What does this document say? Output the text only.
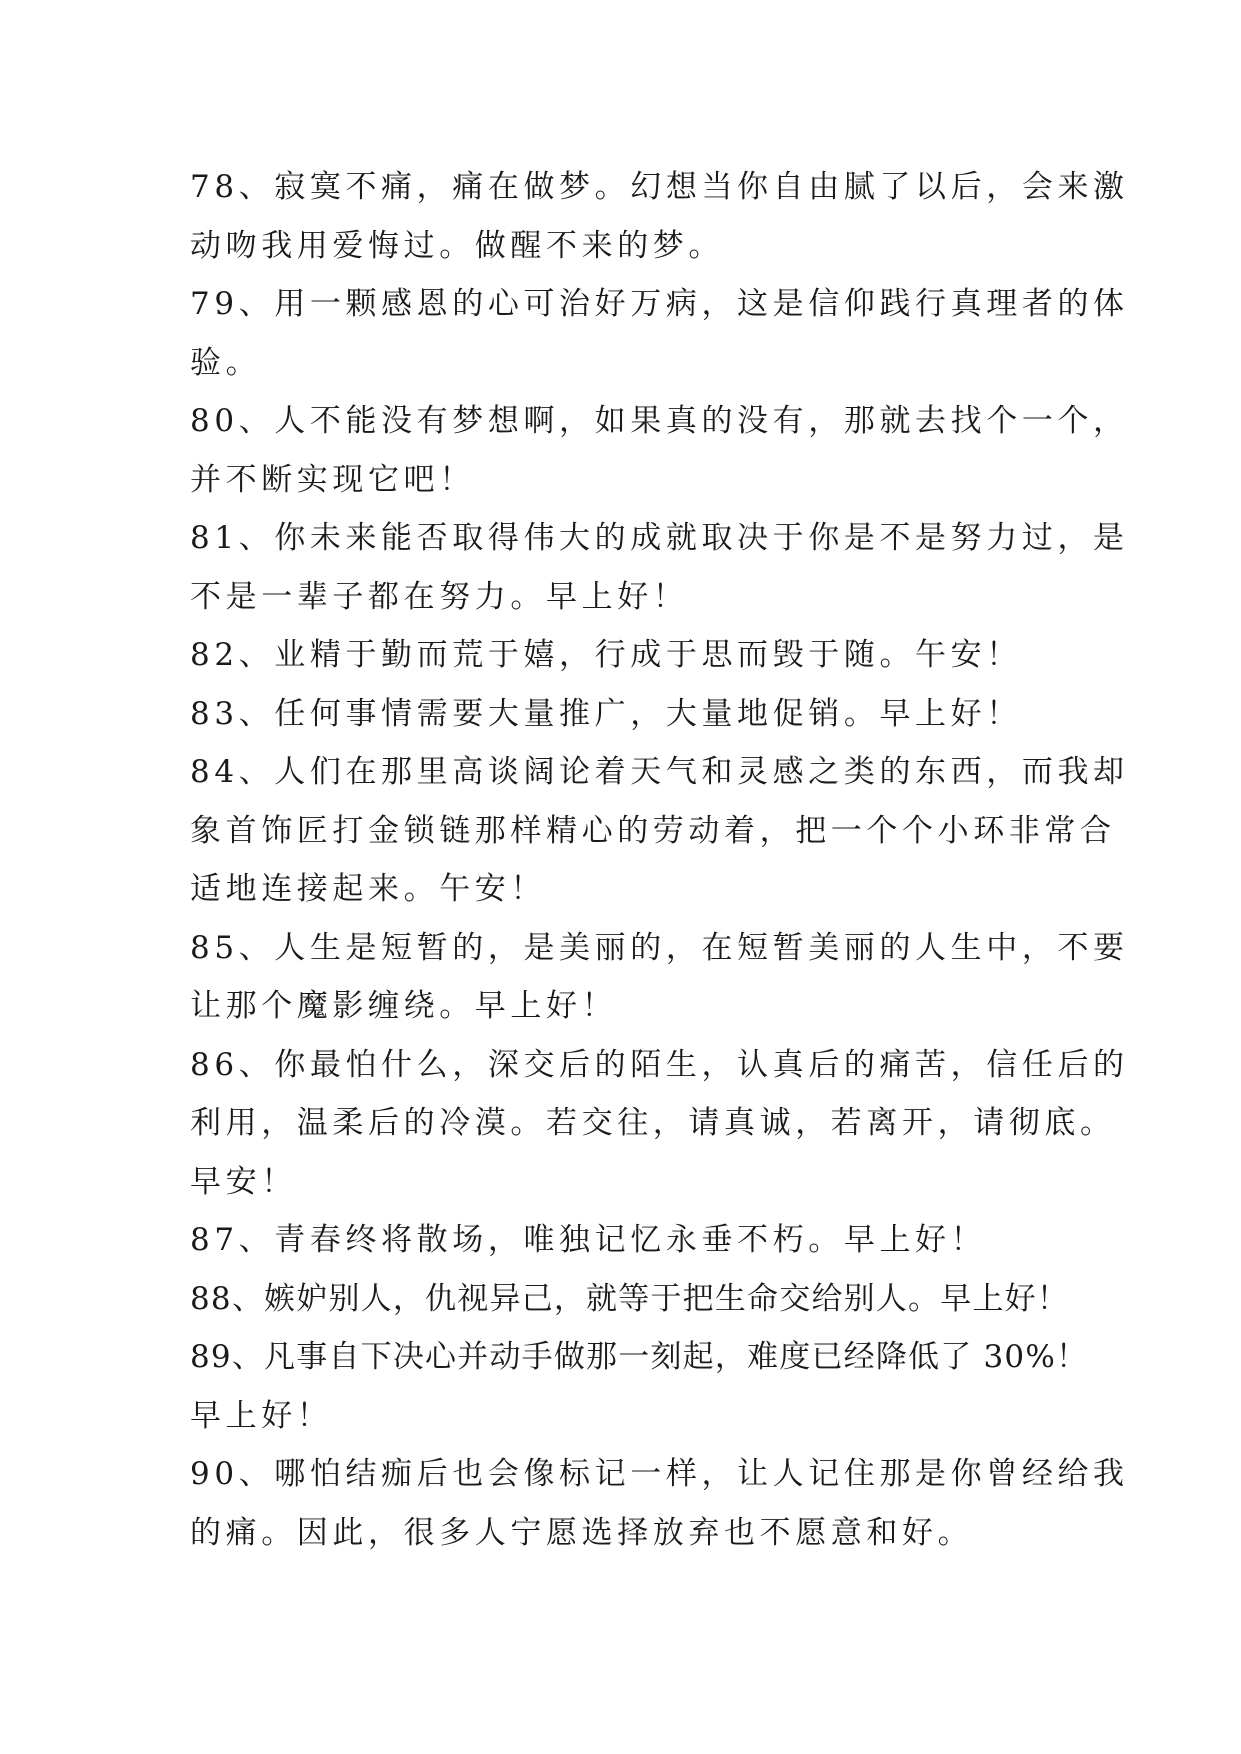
78、寂寞不痛，痛在做梦。幻想当你自由腻了以后，会来激
动吻我用爱悔过。做醒不来的梦。
79、用一颗感恩的心可治好万病，这是信仰践行真理者的体
验。
80、人不能没有梦想啊，如果真的没有，那就去找个一个，
并不断实现它吧！
81、你未来能否取得伟大的成就取决于你是不是努力过，是
不是一辈子都在努力。早上好！
82、业精于勤而荒于嬉，行成于思而毁于随。午安！
83、任何事情需要大量推广，大量地促销。早上好！
84、人们在那里高谈阔论着天气和灵感之类的东西，而我却
象首饰匠打金锁链那样精心的劳动着，把一个个小环非常合
适地连接起来。午安！
85、人生是短暂的，是美丽的，在短暂美丽的人生中，不要
让那个魔影缠绕。早上好！
86、你最怕什么，深交后的陌生，认真后的痛苦，信任后的
利用，温柔后的冷漠。若交往，请真诚，若离开，请彻底。
早安！
87、青春终将散场，唯独记忆永垂不朽。早上好！
88、嫉妒别人，仇视异己，就等于把生命交给别人。早上好！
89、凡事自下决心并动手做那一刻起，难度已经降低了 30%！
早上好！
90、哪怕结痂后也会像标记一样，让人记住那是你曾经给我
的痛。因此，很多人宁愿选择放弃也不愿意和好。
